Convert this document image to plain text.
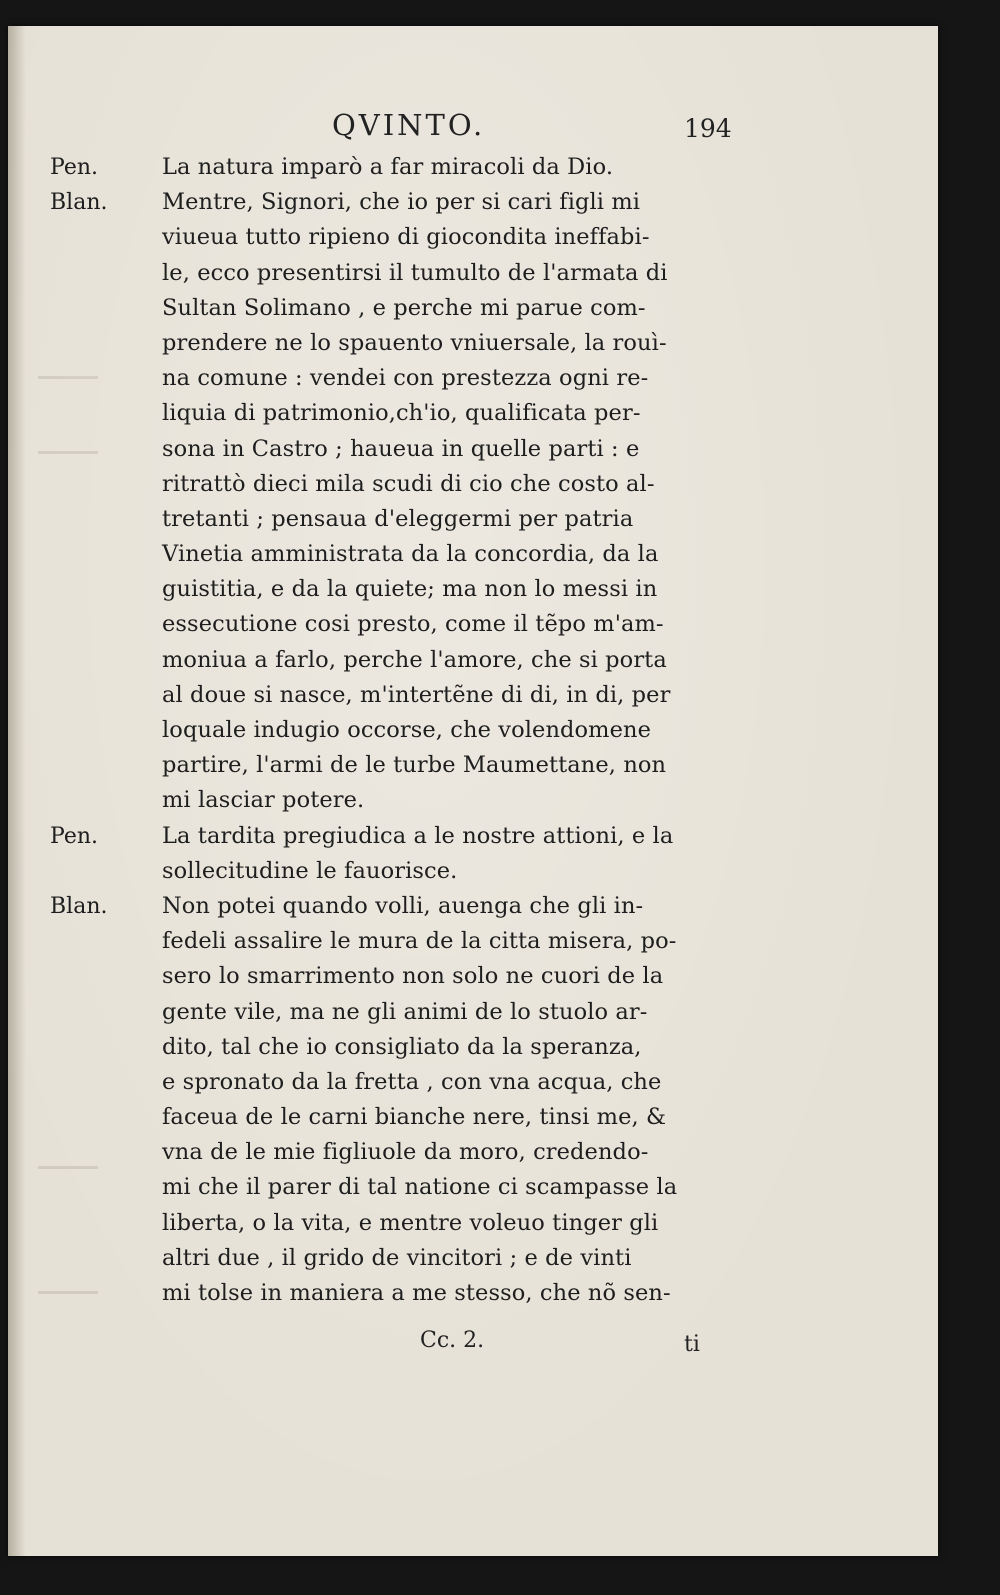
QVINTO.	194
Pen.	La natura imparò a far miracoli da Dio.
Blan. Mentre, Signori, che io per si cari figli mi
viueua tutto ripieno di giocondita ineffabi-
le, ecco presentirsi il tumulto de l'armata di
Sultan Solimano , e perche mi parue com-
prendere ne lo spauento vniuersale, la rouì-
na comune : vendei con prestezza ogni re-
liquia di patrimonio,ch'io, qualificata per-
sona in Castro ; haueua in quelle parti : e
ritrattò dieci mila scudi di cio che costo al-
tretanti ; pensaua d'eleggermi per patria
Vinetia amministrata da la concordia, da la
guistitia, e da la quiete; ma non lo messi in
essecutione cosi presto, come il tẽpo m'am-
moniua a farlo, perche l'amore, che si porta
al doue si nasce, m'intertẽne di di, in di, per
loquale indugio occorse, che volendomene
partire, l'armi de le turbe Maumettane, non
mi lasciar potere.
Pen.	La tardita pregiudica a le nostre attioni, e la
sollecitudine le fauorisce.
Blan. Non potei quando volli, auenga che gli in-
fedeli assalire le mura de la citta misera, po-
sero lo smarrimento non solo ne cuori de la
gente vile, ma ne gli animi de lo stuolo ar-
dito, tal che io consigliato da la speranza,
e spronato da la fretta , con vna acqua, che
faceua de le carni bianche nere, tinsi me, &
vna de le mie figliuole da moro, credendo-
mi che il parer di tal natione ci scampasse la
liberta, o la vita, e mentre voleuo tinger gli
altri due , il grido de vincitori ; e de vinti
mi tolse in maniera a me stesso, che nõ sen-
Cc. 2.	ti
